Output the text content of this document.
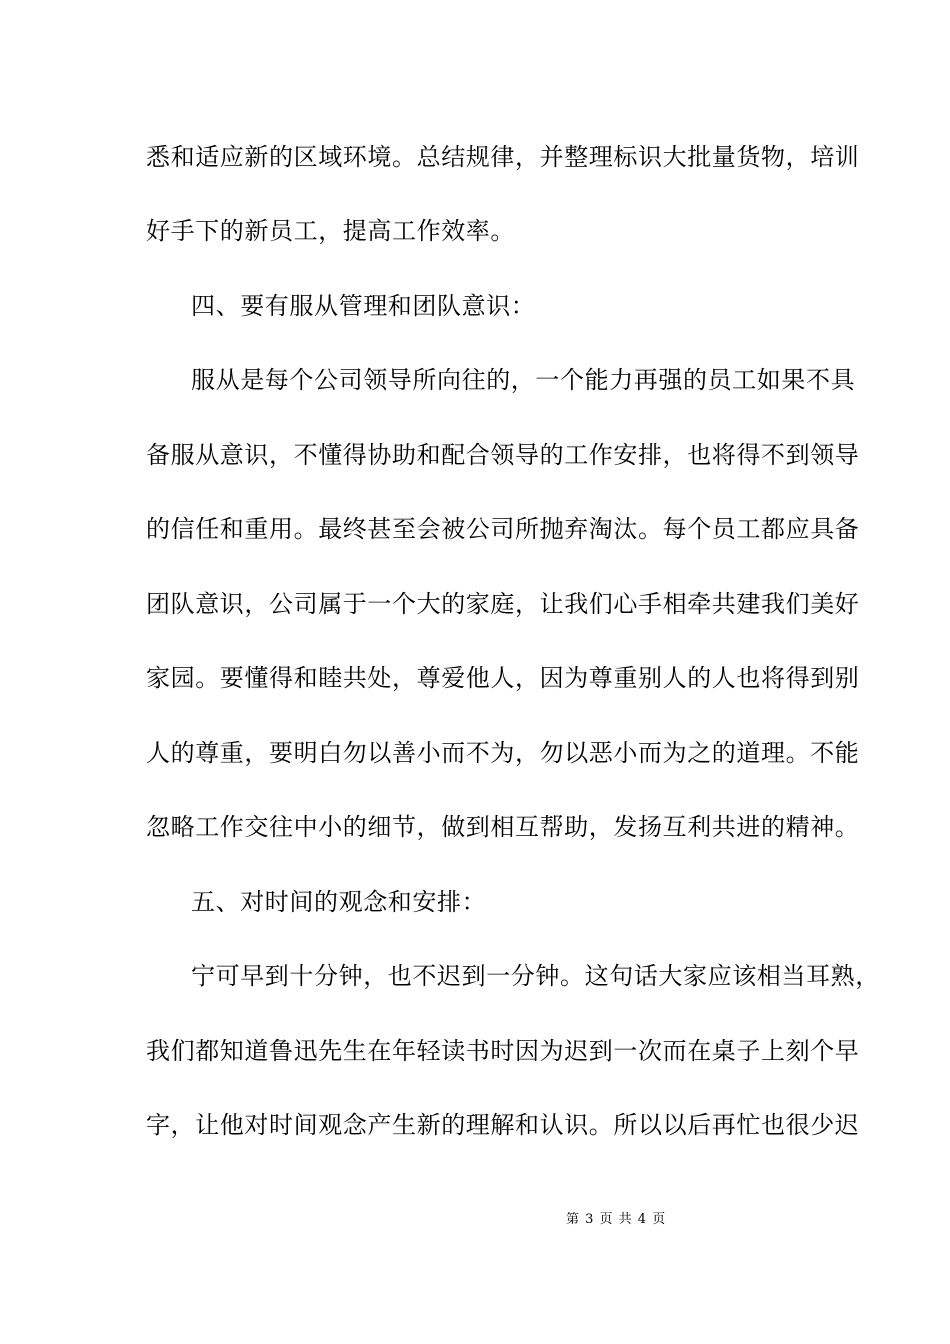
悉和适应新的区域环境。总结规律，并整理标识大批量货物，培训
好手下的新员工，提高工作效率。
四、要有服从管理和团队意识：
服从是每个公司领导所向往的，一个能力再强的员工如果不具
备服从意识，不懂得协助和配合领导的工作安排，也将得不到领导
的信任和重用。最终甚至会被公司所抛弃淘汰。每个员工都应具备
团队意识，公司属于一个大的家庭，让我们心手相牵共建我们美好
家园。要懂得和睦共处，尊爱他人，因为尊重别人的人也将得到别
人的尊重，要明白勿以善小而不为，勿以恶小而为之的道理。不能
忽略工作交往中小的细节，做到相互帮助，发扬互利共进的精神。
五、对时间的观念和安排：
宁可早到十分钟，也不迟到一分钟。这句话大家应该相当耳熟，
我们都知道鲁迅先生在年轻读书时因为迟到一次而在桌子上刻个早
字，让他对时间观念产生新的理解和认识。所以以后再忙也很少迟
第 3 页 共 4 页
